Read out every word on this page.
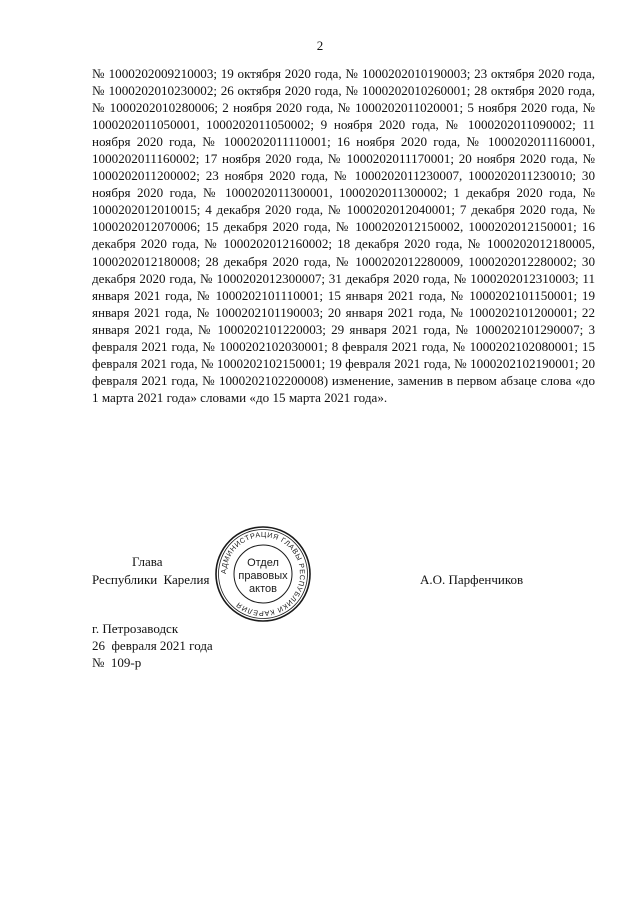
2

№ 1000202009210003; 19 октября 2020 года, № 1000202010190003; 23 октября 2020 года, № 1000202010230002; 26 октября 2020 года, № 1000202010260001; 28 октября 2020 года, № 1000202010280006; 2 ноября 2020 года, № 1000202011020001; 5 ноября 2020 года, № 1000202011050001, 1000202011050002; 9 ноября 2020 года, № 1000202011090002; 11 ноября 2020 года, № 1000202011110001; 16 ноября 2020 года, № 1000202011160001, 1000202011160002; 17 ноября 2020 года, № 1000202011170001; 20 ноября 2020 года, № 1000202011200002; 23 ноября 2020 года, № 1000202011230007, 1000202011230010; 30 ноября 2020 года, № 1000202011300001, 1000202011300002; 1 декабря 2020 года, № 1000202012010015; 4 декабря 2020 года, № 1000202012040001; 7 декабря 2020 года, № 1000202012070006; 15 декабря 2020 года, № 1000202012150002, 1000202012150001; 16 декабря 2020 года, № 1000202012160002; 18 декабря 2020 года, № 1000202012180005, 1000202012180008; 28 декабря 2020 года, № 1000202012280009, 1000202012280002; 30 декабря 2020 года, № 1000202012300007; 31 декабря 2020 года, № 1000202012310003; 11 января 2021 года, № 1000202101110001; 15 января 2021 года, № 1000202101150001; 19 января 2021 года, № 1000202101190003; 20 января 2021 года, № 1000202101200001; 22 января 2021 года, № 1000202101220003; 29 января 2021 года, № 1000202101290007; 3 февраля 2021 года, № 1000202102030001; 8 февраля 2021 года, № 1000202102080001; 15 февраля 2021 года, № 1000202102150001; 19 февраля 2021 года, № 1000202102190001; 20 февраля 2021 года, № 1000202102200008) изменение, заменив в первом абзаце слова «до 1 марта 2021 года» словами «до 15 марта 2021 года».

Глава
Республики Карелия
АДМИНИСТРАЦИЯ ГЛАВЫ РЕСПУБЛИКИ КАРЕЛИЯ
Отдел
правовых
актов
А.О. Парфенчиков
г. Петрозаводск
26  февраля 2021 года
№  109-р
